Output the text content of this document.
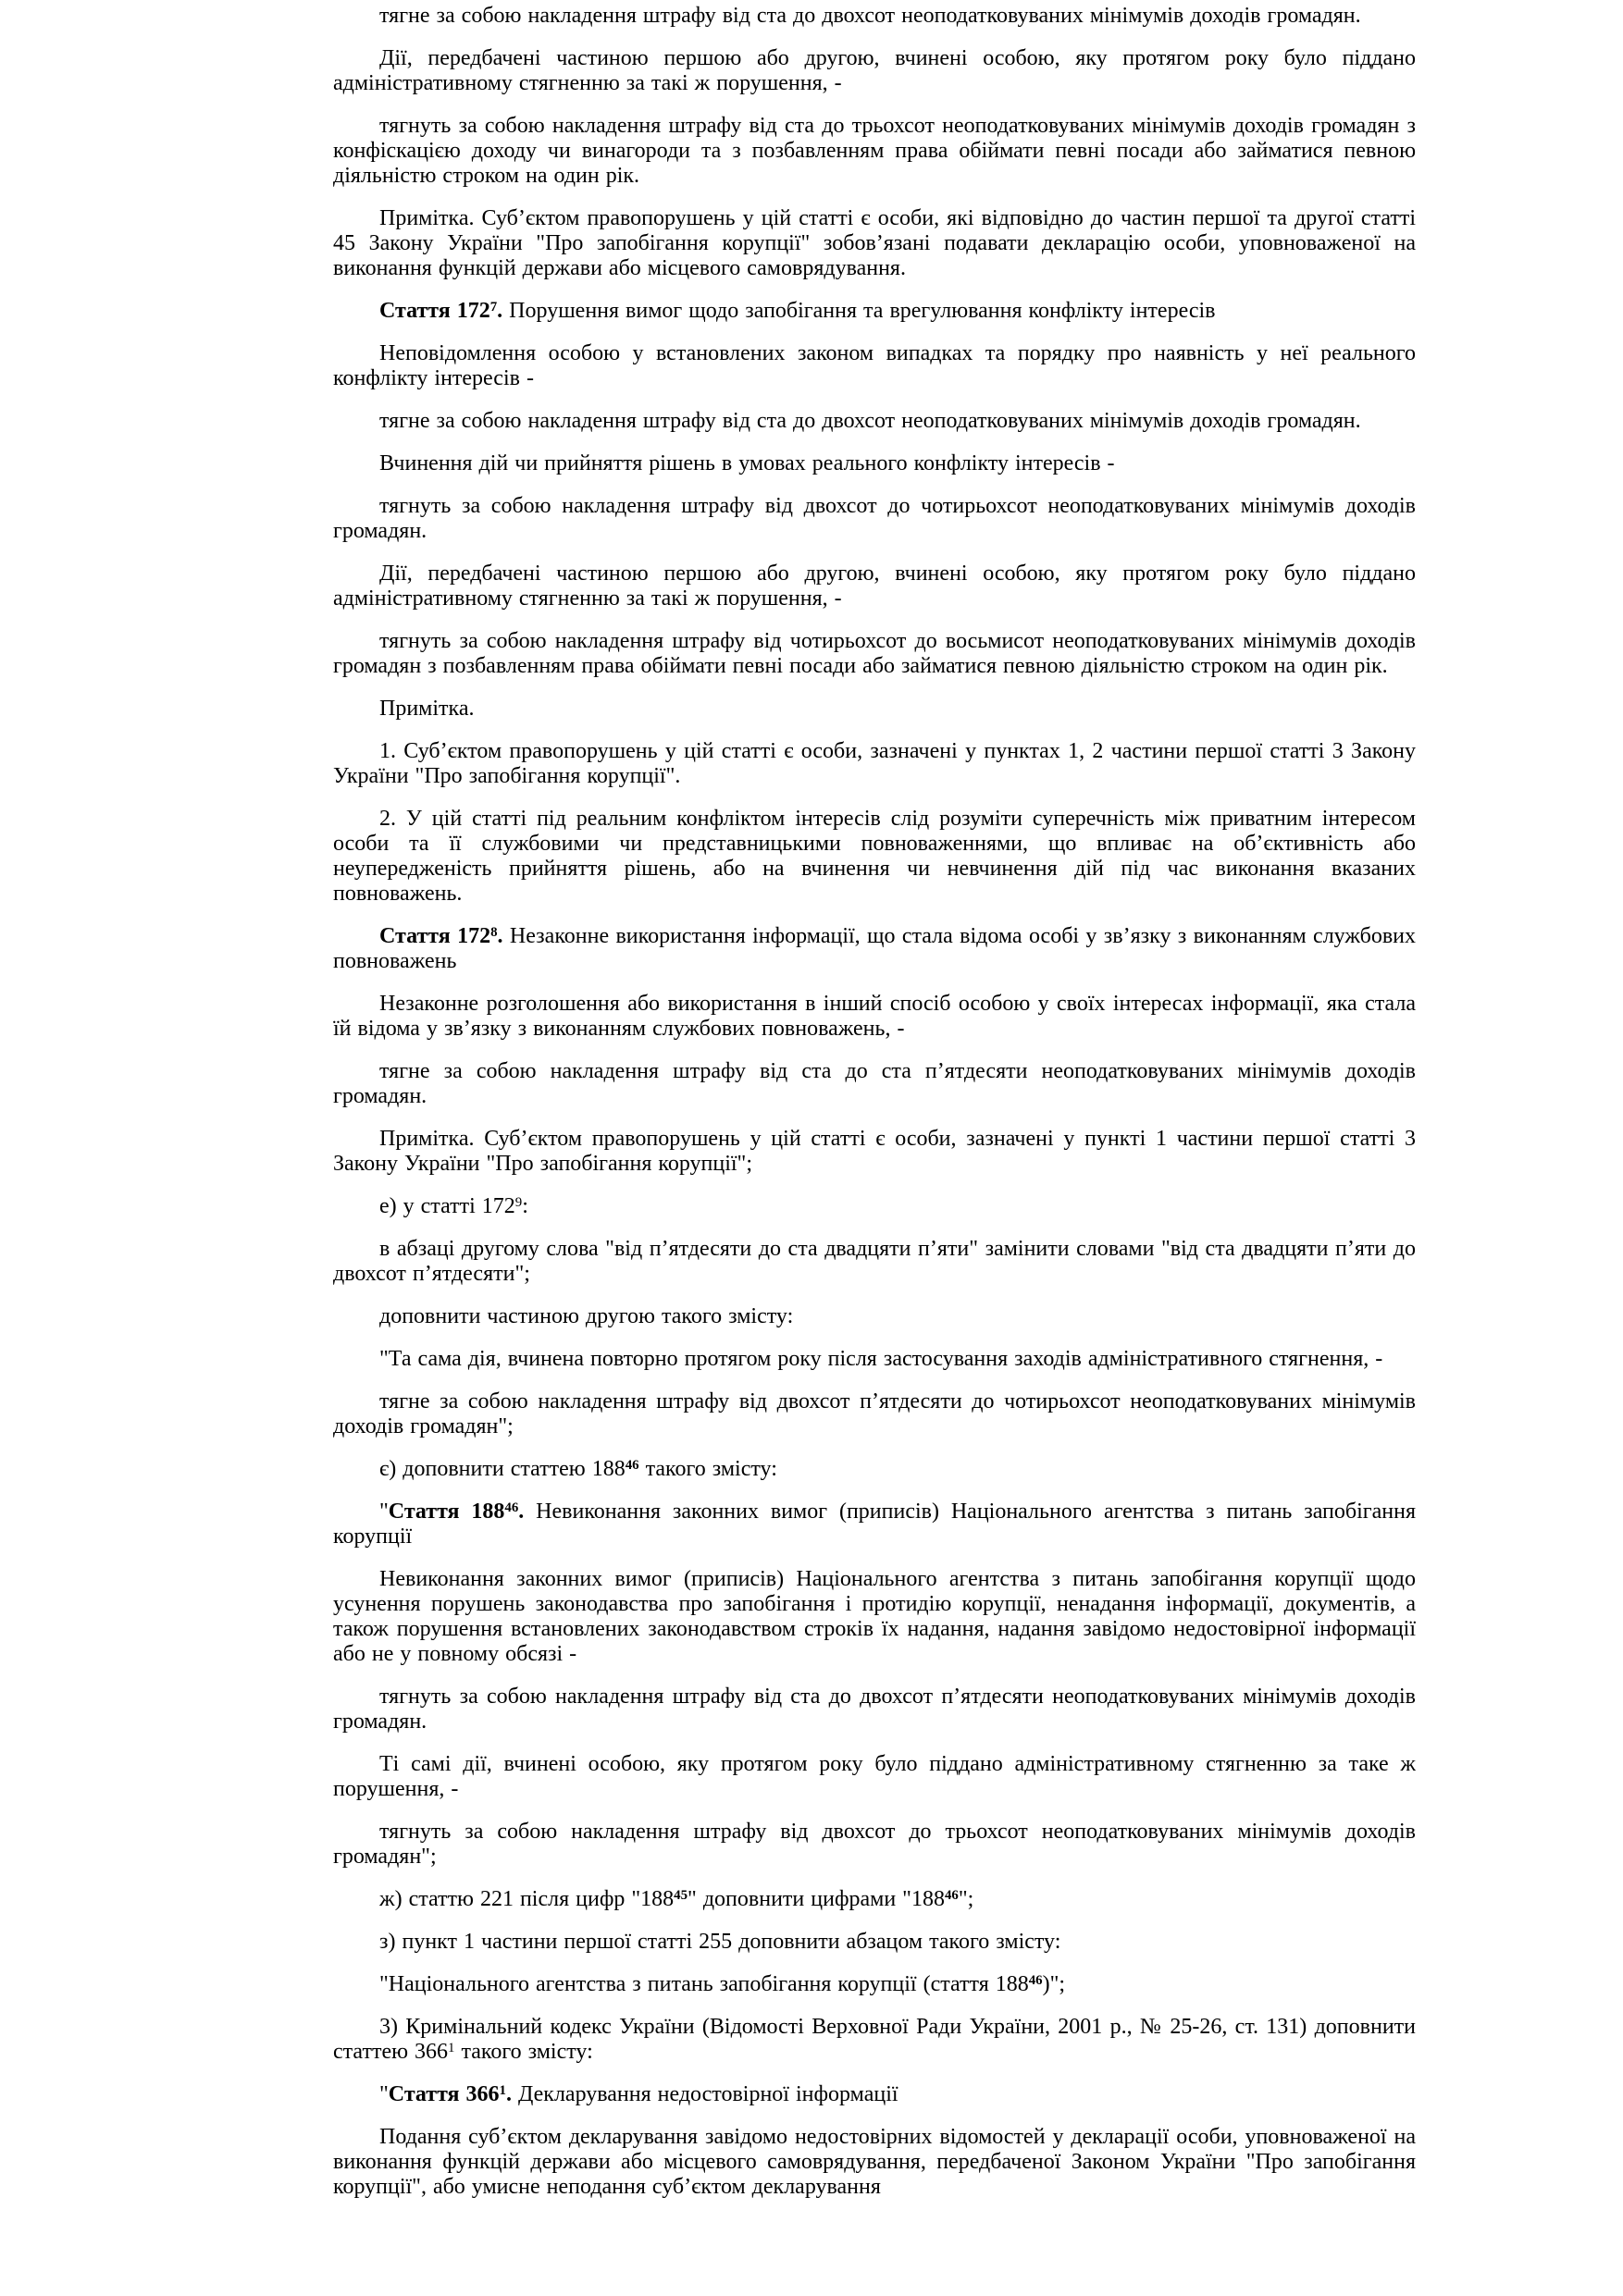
тягне за собою накладення штрафу від ста до двохсот неоподатковуваних мінімумів доходів громадян.

Дії, передбачені частиною першою або другою, вчинені особою, яку протягом року було піддано адміністративному стягненню за такі ж порушення, -

тягнуть за собою накладення штрафу від ста до трьохсот неоподатковуваних мінімумів доходів громадян з конфіскацією доходу чи винагороди та з позбавленням права обіймати певні посади або займатися певною діяльністю строком на один рік.

Примітка. Суб’єктом правопорушень у цій статті є особи, які відповідно до частин першої та другої статті 45 Закону України "Про запобігання корупції" зобов’язані подавати декларацію особи, уповноваженої на виконання функцій держави або місцевого самоврядування.

Стаття $172^7$. Порушення вимог щодо запобігання та врегулювання конфлікту інтересів

Неповідомлення особою у встановлених законом випадках та порядку про наявність у неї реального конфлікту інтересів -

тягне за собою накладення штрафу від ста до двохсот неоподатковуваних мінімумів доходів громадян.

Вчинення дій чи прийняття рішень в умовах реального конфлікту інтересів -

тягнуть за собою накладення штрафу від двохсот до чотирьохсот неоподатковуваних мінімумів доходів громадян.

Дії, передбачені частиною першою або другою, вчинені особою, яку протягом року було піддано адміністративному стягненню за такі ж порушення, -

тягнуть за собою накладення штрафу від чотирьохсот до восьмисот неоподатковуваних мінімумів доходів громадян з позбавленням права обіймати певні посади або займатися певною діяльністю строком на один рік.

Примітка.

1. Суб’єктом правопорушень у цій статті є особи, зазначені у пунктах 1, 2 частини першої статті 3 Закону України "Про запобігання корупції".

2. У цій статті під реальним конфліктом інтересів слід розуміти суперечність між приватним інтересом особи та її службовими чи представницькими повноваженнями, що впливає на об’єктивність або неупередженість прийняття рішень, або на вчинення чи невчинення дій під час виконання вказаних повноважень.

Стаття $172^8$. Незаконне використання інформації, що стала відома особі у зв’язку з виконанням службових повноважень

Незаконне розголошення або використання в інший спосіб особою у своїх інтересах інформації, яка стала їй відома у зв’язку з виконанням службових повноважень, -

тягне за собою накладення штрафу від ста до ста п’ятдесяти неоподатковуваних мінімумів доходів громадян.

Примітка. Суб’єктом правопорушень у цій статті є особи, зазначені у пункті 1 частини першої статті 3 Закону України "Про запобігання корупції";

е) у статті $172^9$:

в абзаці другому слова "від п’ятдесяти до ста двадцяти п’яти" замінити словами "від ста двадцяти п’яти до двохсот п’ятдесяти";

доповнити частиною другою такого змісту:

"Та сама дія, вчинена повторно протягом року після застосування заходів адміністративного стягнення, -

тягне за собою накладення штрафу від двохсот п’ятдесяти до чотирьохсот неоподатковуваних мінімумів доходів громадян";

є) доповнити статтею $188^{46}$ такого змісту:

"Стаття $188^{46}$. Невиконання законних вимог (приписів) Національного агентства з питань запобігання корупції

Невиконання законних вимог (приписів) Національного агентства з питань запобігання корупції щодо усунення порушень законодавства про запобігання і протидію корупції, ненадання інформації, документів, а також порушення встановлених законодавством строків їх надання, надання завідомо недостовірної інформації або не у повному обсязі -

тягнуть за собою накладення штрафу від ста до двохсот п’ятдесяти неоподатковуваних мінімумів доходів громадян.

Ті самі дії, вчинені особою, яку протягом року було піддано адміністративному стягненню за таке ж порушення, -

тягнуть за собою накладення штрафу від двохсот до трьохсот неоподатковуваних мінімумів доходів громадян";

ж) статтю 221 після цифр "$188^{45}$" доповнити цифрами "$188^{46}$";

з) пункт 1 частини першої статті 255 доповнити абзацом такого змісту:

"Національного агентства з питань запобігання корупції (стаття $188^{46}$)";

3) Кримінальний кодекс України (Відомості Верховної Ради України, 2001 р., № 25-26, ст. 131) доповнити статтею $366^1$ такого змісту:

"Стаття $366^1$. Декларування недостовірної інформації

Подання суб’єктом декларування завідомо недостовірних відомостей у декларації особи, уповноваженої на виконання функцій держави або місцевого самоврядування, передбаченої Законом України "Про запобігання корупції", або умисне неподання суб’єктом декларування
